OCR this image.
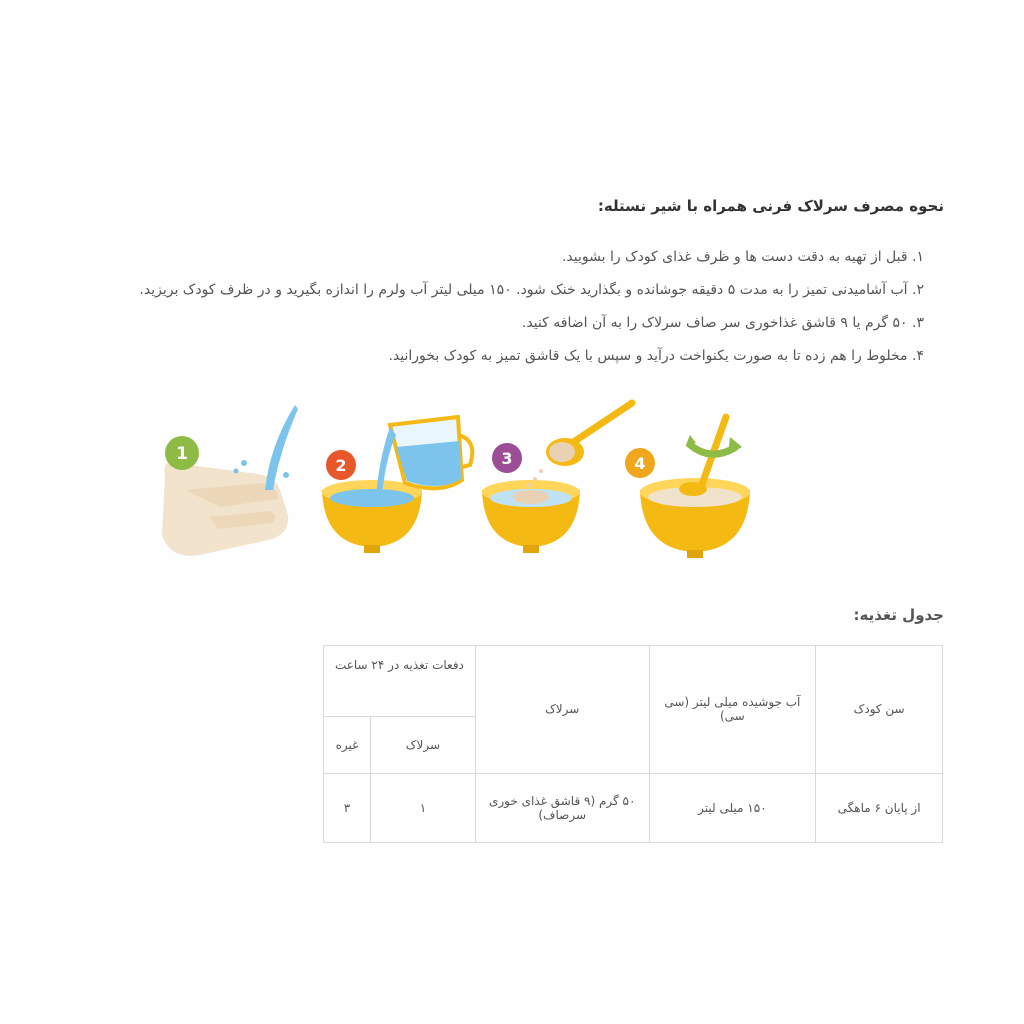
نحوه مصرف سرلاک فرنی همراه با شیر نستله:
۱. قبل از تهیه به دقت دست ها و ظرف غذای کودک را بشویید.
۲. آب آشامیدنی تمیز را به مدت ۵ دقیقه جوشانده و بگذارید خنک شود. ۱۵۰ میلی لیتر آب ولرم را اندازه بگیرید و در ظرف کودک بریزید.
۳. ۵۰ گرم یا ۹ قاشق غذاخوری سر صاف سرلاک را به آن اضافه کنید.
۴. مخلوط را هم زده تا به صورت یکنواخت درآید و سپس با یک قاشق تمیز به کودک بخورانید.
1
2	3	4
جدول تغذیه:
سن کودک	آب جوشیده میلی لیتر (سی سی)	سرلاک	دفعات تغذیه در ۲۴ ساعت	
			سرلاک	غیره
از پایان ۶ ماهگی	۱۵۰ میلی لیتر	۵۰ گرم (۹ قاشق غذای خوری سرصاف)	۱	۳
